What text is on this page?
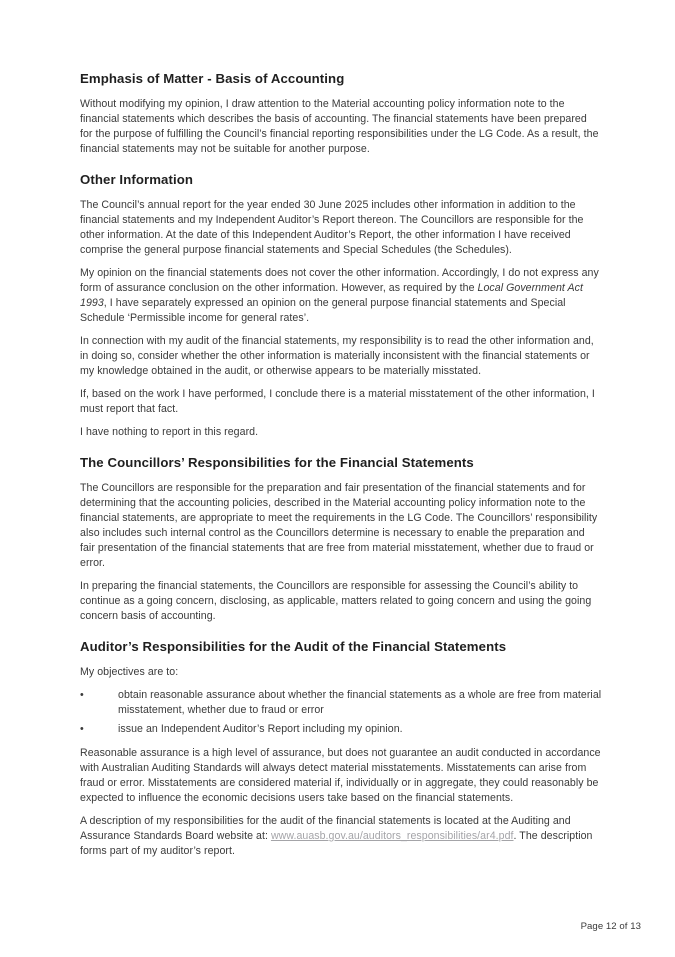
Emphasis of Matter - Basis of Accounting

Without modifying my opinion, I draw attention to the Material accounting policy information note to the financial statements which describes the basis of accounting. The financial statements have been prepared for the purpose of fulfilling the Council’s financial reporting responsibilities under the LG Code. As a result, the financial statements may not be suitable for another purpose.

Other Information

The Council’s annual report for the year ended 30 June 2025 includes other information in addition to the financial statements and my Independent Auditor’s Report thereon. The Councillors are responsible for the other information. At the date of this Independent Auditor’s Report, the other information I have received comprise the general purpose financial statements and Special Schedules (the Schedules).

My opinion on the financial statements does not cover the other information. Accordingly, I do not express any form of assurance conclusion on the other information. However, as required by the Local Government Act 1993, I have separately expressed an opinion on the general purpose financial statements and Special Schedule ‘Permissible income for general rates’.

In connection with my audit of the financial statements, my responsibility is to read the other information and, in doing so, consider whether the other information is materially inconsistent with the financial statements or my knowledge obtained in the audit, or otherwise appears to be materially misstated.

If, based on the work I have performed, I conclude there is a material misstatement of the other information, I must report that fact.

I have nothing to report in this regard.

The Councillors’ Responsibilities for the Financial Statements

The Councillors are responsible for the preparation and fair presentation of the financial statements and for determining that the accounting policies, described in the Material accounting policy information note to the financial statements, are appropriate to meet the requirements in the LG Code. The Councillors’ responsibility also includes such internal control as the Councillors determine is necessary to enable the preparation and fair presentation of the financial statements that are free from material misstatement, whether due to fraud or error.

In preparing the financial statements, the Councillors are responsible for assessing the Council’s ability to continue as a going concern, disclosing, as applicable, matters related to going concern and using the going concern basis of accounting.

Auditor’s Responsibilities for the Audit of the Financial Statements

My objectives are to:

•	obtain reasonable assurance about whether the financial statements as a whole are free from material misstatement, whether due to fraud or error
•	issue an Independent Auditor’s Report including my opinion.

Reasonable assurance is a high level of assurance, but does not guarantee an audit conducted in accordance with Australian Auditing Standards will always detect material misstatements. Misstatements can arise from fraud or error. Misstatements are considered material if, individually or in aggregate, they could reasonably be expected to influence the economic decisions users take based on the financial statements.

A description of my responsibilities for the audit of the financial statements is located at the Auditing and Assurance Standards Board website at: www.auasb.gov.au/auditors_responsibilities/ar4.pdf. The description forms part of my auditor’s report.

Page 12 of 13
